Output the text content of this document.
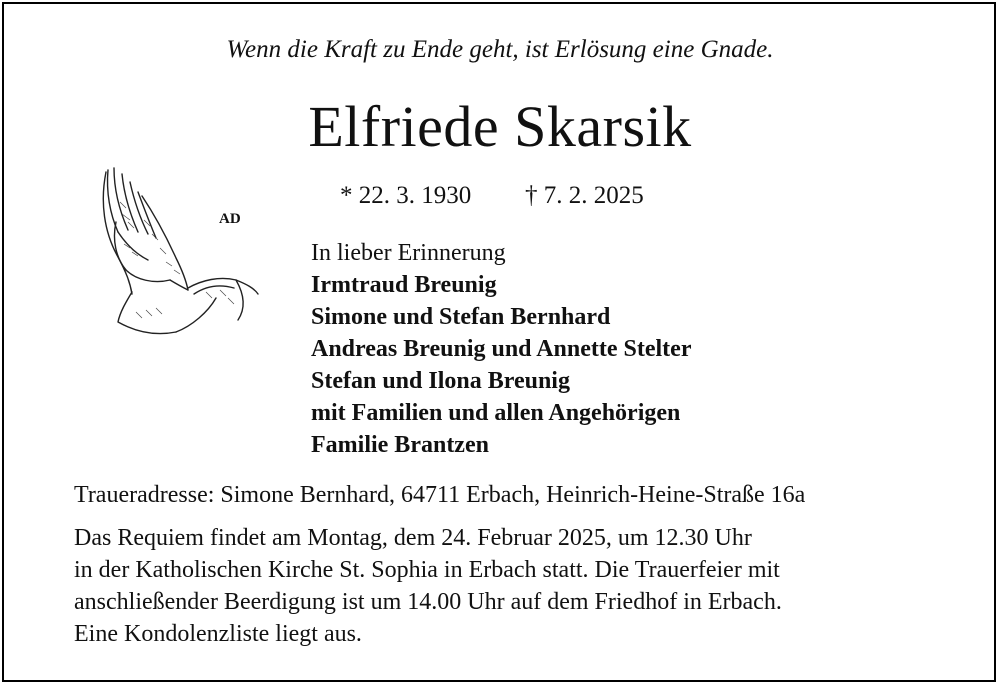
Wenn die Kraft zu Ende geht, ist Erlösung eine Gnade.
Elfriede Skarsik
* 22. 3. 1930 † 7. 2. 2025
AD
In lieber Erinnerung
Irmtraud Breunig
Simone und Stefan Bernhard
Andreas Breunig und Annette Stelter
Stefan und Ilona Breunig
mit Familien und allen Angehörigen
Familie Brantzen
Traueradresse: Simone Bernhard, 64711 Erbach, Heinrich-Heine-Straße 16a
Das Requiem findet am Montag, dem 24. Februar 2025, um 12.30 Uhr
in der Katholischen Kirche St. Sophia in Erbach statt. Die Trauerfeier mit
anschließender Beerdigung ist um 14.00 Uhr auf dem Friedhof in Erbach.
Eine Kondolenzliste liegt aus.
